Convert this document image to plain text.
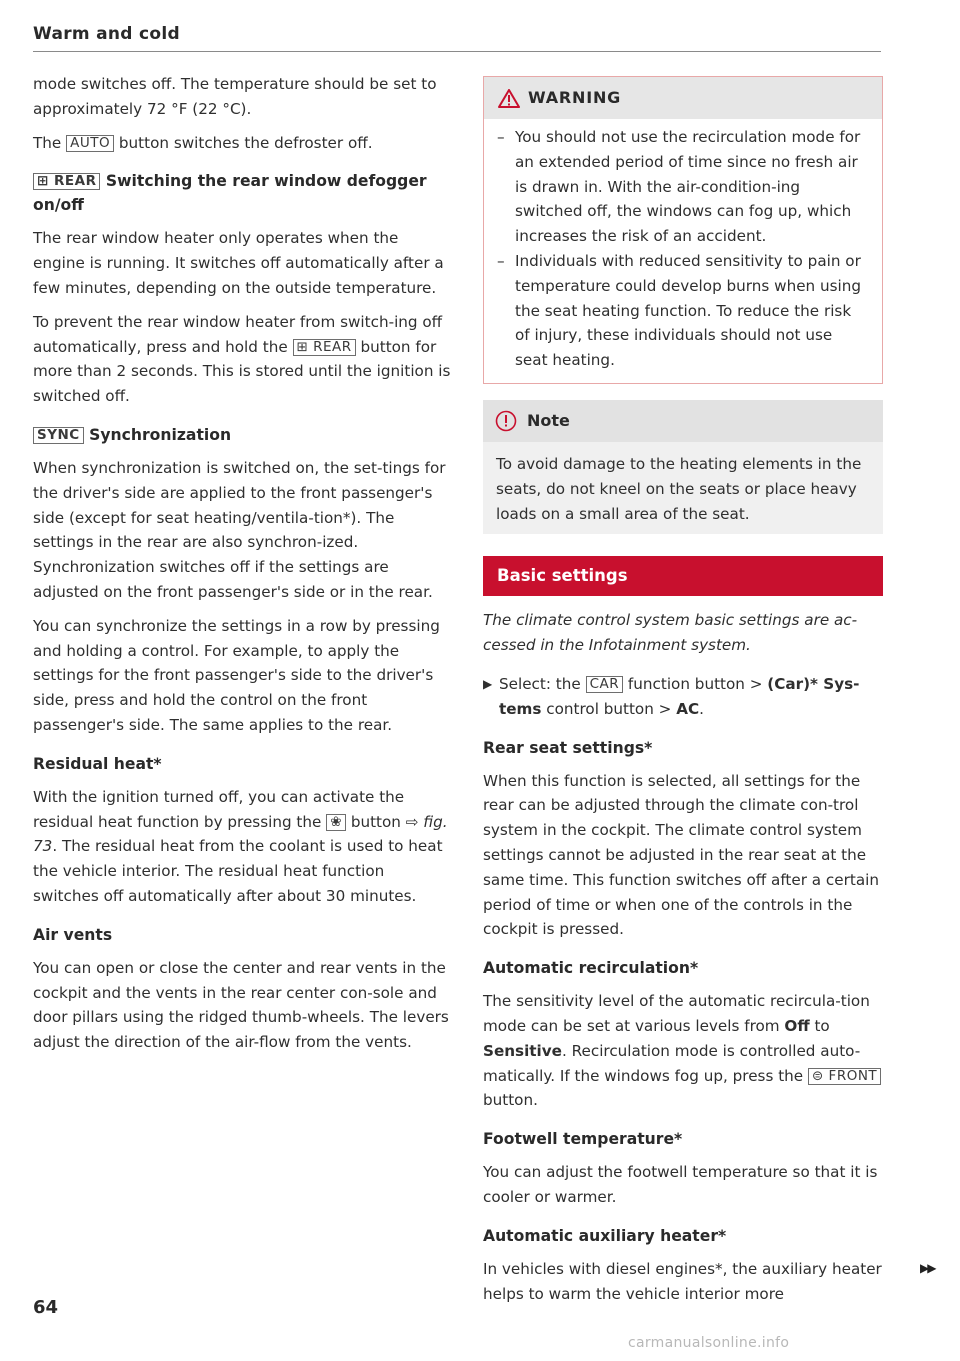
Warm and cold

mode switches off. The temperature should be set to approximately 72 °F (22 °C).

The AUTO button switches the defroster off.

⊞ REAR Switching the rear window defogger on/off

The rear window heater only operates when the engine is running. It switches off automatically after a few minutes, depending on the outside temperature.

To prevent the rear window heater from switch-ing off automatically, press and hold the ⊞ REAR button for more than 2 seconds. This is stored until the ignition is switched off.

SYNC Synchronization

When synchronization is switched on, the set-tings for the driver's side are applied to the front passenger's side (except for seat heating/ventila-tion*). The settings in the rear are also synchron-ized. Synchronization switches off if the settings are adjusted on the front passenger's side or in the rear.

You can synchronize the settings in a row by pressing and holding a control. For example, to apply the settings for the front passenger's side to the driver's side, press and hold the control on the front passenger's side. The same applies to the rear.

Residual heat*

With the ignition turned off, you can activate the residual heat function by pressing the ❀ button ⇨ fig. 73. The residual heat from the coolant is used to heat the vehicle interior. The residual heat function switches off automatically after about 30 minutes.

Air vents

You can open or close the center and rear vents in the cockpit and the vents in the rear center con-sole and door pillars using the ridged thumb-wheels. The levers adjust the direction of the air-flow from the vents.

WARNING
– You should not use the recirculation mode for an extended period of time since no fresh air is drawn in. With the air-condition-ing switched off, the windows can fog up, which increases the risk of an accident.
– Individuals with reduced sensitivity to pain or temperature could develop burns when using the seat heating function. To reduce the risk of injury, these individuals should not use seat heating.
Note
To avoid damage to the heating elements in the seats, do not kneel on the seats or place heavy loads on a small area of the seat.
Basic settings

The climate control system basic settings are ac-cessed in the Infotainment system.

▶ Select: the CAR function button > (Car)* Sys-tems control button > AC.
Rear seat settings*

When this function is selected, all settings for the rear can be adjusted through the climate con-trol system in the cockpit. The climate control system settings cannot be adjusted in the rear seat at the same time. This function switches off after a certain period of time or when one of the controls in the cockpit is pressed.

Automatic recirculation*

The sensitivity level of the automatic recircula-tion mode can be set at various levels from Off to Sensitive. Recirculation mode is controlled auto-matically. If the windows fog up, press the ⊜ FRONT button.

Footwell temperature*

You can adjust the footwell temperature so that it is cooler or warmer.

Automatic auxiliary heater*

In vehicles with diesel engines*, the auxiliary heater helps to warm the vehicle interior more

▶▶
64
carmanualsonline.info
